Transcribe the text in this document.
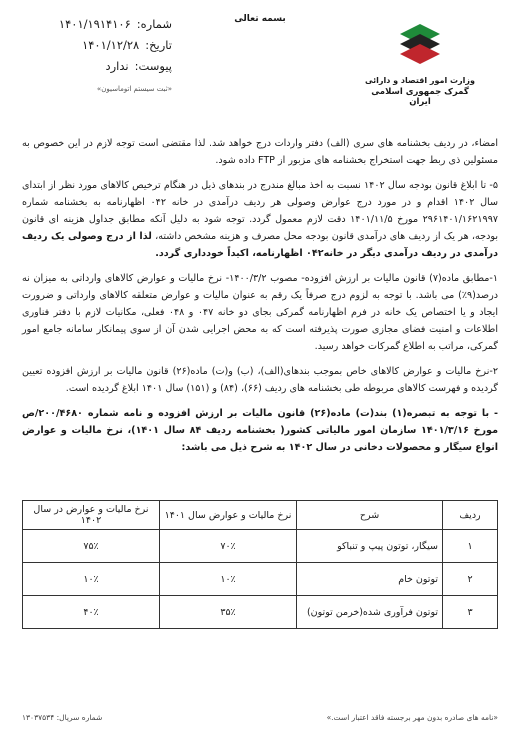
بسمه تعالی
شماره:
۱۴۰۱/۱۹۱۴۱۰۶
تاریخ:
۱۴۰۱/۱۲/۲۸
پیوست:
ندارد
«ثبت سیستم اتوماسیون»
وزارت امور اقتصاد و دارائی
گمرک جمهوری اسلامی ایران

امضاء، در ردیف بخشنامه های سری (الف) دفتر واردات درج خواهد شد. لذا مقتضی است توجه لازم در این خصوص به مسئولین ذی ربط جهت استخراج بخشنامه های مزبور از FTP داده شود.

۵- تا ابلاغ قانون بودجه سال ۱۴۰۲ نسبت به اخذ مبالغ مندرج در بندهای ذیل در هنگام ترخیص کالاهای مورد نظر از ابتدای سال ۱۴۰۲ اقدام و در مورد درج عوارض وصولی هر ردیف درآمدی در خانه ۰۴۲ اظهارنامه به بخشنامه شماره ۲۹۶۱۴۰۱/۱۶۲۱۹۹۷ مورخ ۱۴۰۱/۱۱/۵ دقت لازم معمول گردد. توجه شود به دلیل آنکه مطابق جداول هزینه ای قانون بودجه، هر یک از ردیف های درآمدی قانون بودجه محل مصرف و هزینه مشخص داشته، لذا از درج وصولی یک ردیف درآمدی در ردیف درآمدی دیگر در خانه۰۴۲ اظهارنامه، اکیداً خودداری گردد.

۱-مطابق ماده(۷) قانون مالیات بر ارزش افزوده- مصوب ۱۴۰۰/۳/۲- نرخ مالیات و عوارض کالاهای وارداتی به میزان نه درصد(۹٪) می باشد. با توجه به لزوم درج صرفاً یک رقم به عنوان مالیات و عوارض متعلقه کالاهای وارداتی و ضرورت ایجاد و یا اختصاص یک خانه در فرم اظهارنامه گمرکی بجای دو خانه ۰۴۷ و ۰۴۸ فعلی، مکانیات لازم با دفتر فناوری اطلاعات و امنیت فضای مجازی صورت پذیرفته است که به محض اجرایی شدن آن از سوی پیمانکار سامانه جامع امور گمرکی، مراتب به اطلاع گمرکات خواهد رسید.

۲-نرخ مالیات و عوارض کالاهای خاص بموجب بندهای(الف)، (ب) و(ت) ماده(۲۶) قانون مالیات بر ارزش افزوده تعیین گردیده و فهرست کالاهای مربوطه طی بخشنامه های ردیف (۶۶)، (۸۴) و (۱۵۱) سال ۱۴۰۱ ابلاغ گردیده است.

- با توجه به تبصره(۱) بند(ت) ماده(۲۶) قانون مالیات بر ارزش افزوده و نامه شماره ۲۰۰/۴۶۸۰/ص مورخ ۱۴۰۱/۳/۱۶ سازمان امور مالیاتی کشور( بخشنامه ردیف ۸۴ سال ۱۴۰۱)، نرخ مالیات و عوارض انواع سیگار و محصولات دخانی در سال ۱۴۰۲ به شرح ذیل می باشد:

ردیف	شرح	نرخ مالیات و عوارض سال ۱۴۰۱	نرخ مالیات و عوارض در سال ۱۴۰۲
۱	سیگار، توتون پیپ و تنباکو	۷۰٪	۷۵٪
۲	توتون خام	۱۰٪	۱۰٪
۳	توتون فرآوری شده(خرمن توتون)	۳۵٪	۴۰٪
«نامه های صادره بدون مهر برجسته فاقد اعتبار است.»
شماره سریال: ۱۳۰۳۷۵۳۴
